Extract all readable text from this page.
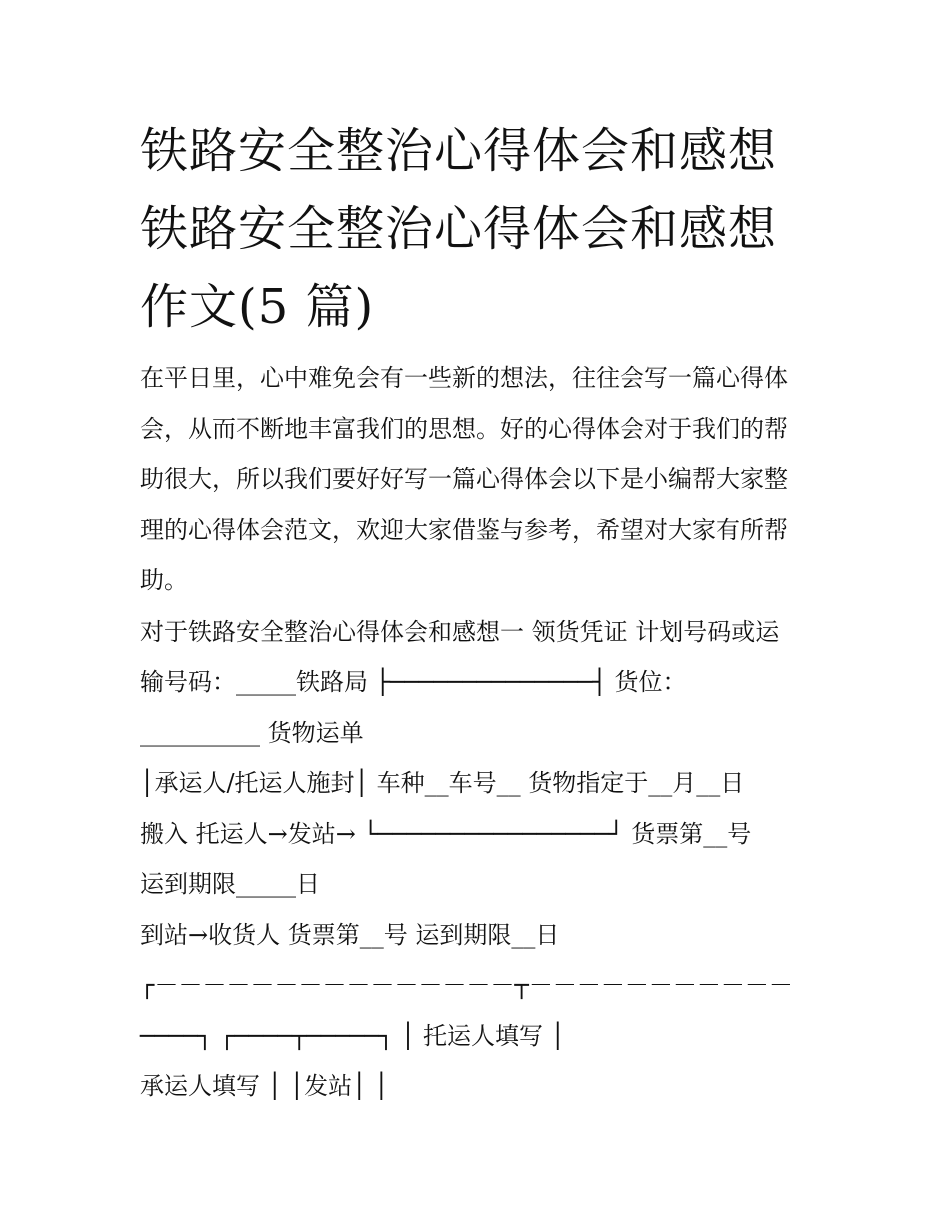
铁路安全整治心得体会和感想
铁路安全整治心得体会和感想
作文(5 篇)

在平日里，心中难免会有一些新的想法，往往会写一篇心得体

会，从而不断地丰富我们的思想。好的心得体会对于我们的帮

助很大，所以我们要好好写一篇心得体会以下是小编帮大家整

理的心得体会范文，欢迎大家借鉴与参考，希望对大家有所帮

助。

对于铁路安全整治心得体会和感想一 领货凭证 计划号码或运

输号码：_____铁路局 ├──────────────┤ 货位：

__________ 货物运单

│承运人/托运人施封│ 车种__车号__ 货物指定于__月__日

搬入 托运人→发站→ └────────────────┘ 货票第__号

运到期限_____日

到站→收货人 货票第__号 运到期限__日

┌－－－－－－－－－－－－－－－┬－－－－－－－－－－－

────┐ ┌────┬─────┐ │ 托运人填写 │

承运人填写 │ │发站│ │
